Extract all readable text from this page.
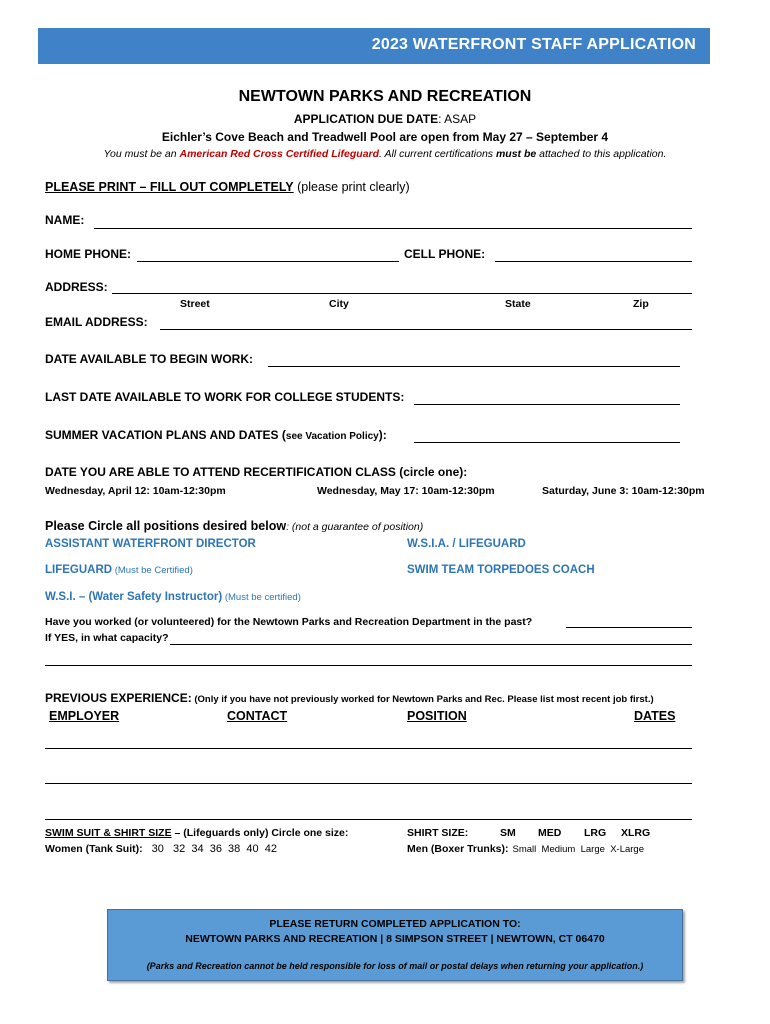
2023 WATERFRONT STAFF APPLICATION
NEWTOWN PARKS AND RECREATION
APPLICATION DUE DATE: ASAP
Eichler’s Cove Beach and Treadwell Pool are open from May 27 – September 4
You must be an American Red Cross Certified Lifeguard. All current certifications must be attached to this application.
PLEASE PRINT – FILL OUT COMPLETELY (please print clearly)
NAME:
HOME PHONE:	CELL PHONE:
ADDRESS:
Street	City	State	Zip
EMAIL ADDRESS:
DATE AVAILABLE TO BEGIN WORK:
LAST DATE AVAILABLE TO WORK FOR COLLEGE STUDENTS:
SUMMER VACATION PLANS AND DATES (see Vacation Policy):
DATE YOU ARE ABLE TO ATTEND RECERTIFICATION CLASS (circle one):
Wednesday, April 12: 10am-12:30pm	Wednesday, May 17: 10am-12:30pm	Saturday, June 3: 10am-12:30pm
Please Circle all positions desired below: (not a guarantee of position)
ASSISTANT WATERFRONT DIRECTOR	W.S.I.A. / LIFEGUARD
LIFEGUARD (Must be Certified)	SWIM TEAM TORPEDOES COACH
W.S.I. – (Water Safety Instructor) (Must be certified)
Have you worked (or volunteered) for the Newtown Parks and Recreation Department in the past?
If YES, in what capacity?
PREVIOUS EXPERIENCE: (Only if you have not previously worked for Newtown Parks and Rec. Please list most recent job first.)
EMPLOYER	CONTACT	POSITION	DATES
SWIM SUIT & SHIRT SIZE – (Lifeguards only) Circle one size:
Women (Tank Suit): 30   32  34  36  38  40  42
SHIRT SIZE:	SM MED LRG XLRG
Men (Boxer Trunks): Small  Medium  Large  X-Large
PLEASE RETURN COMPLETED APPLICATION TO:
NEWTOWN PARKS AND RECREATION | 8 SIMPSON STREET | NEWTOWN, CT 06470
(Parks and Recreation cannot be held responsible for loss of mail or postal delays when returning your application.)
